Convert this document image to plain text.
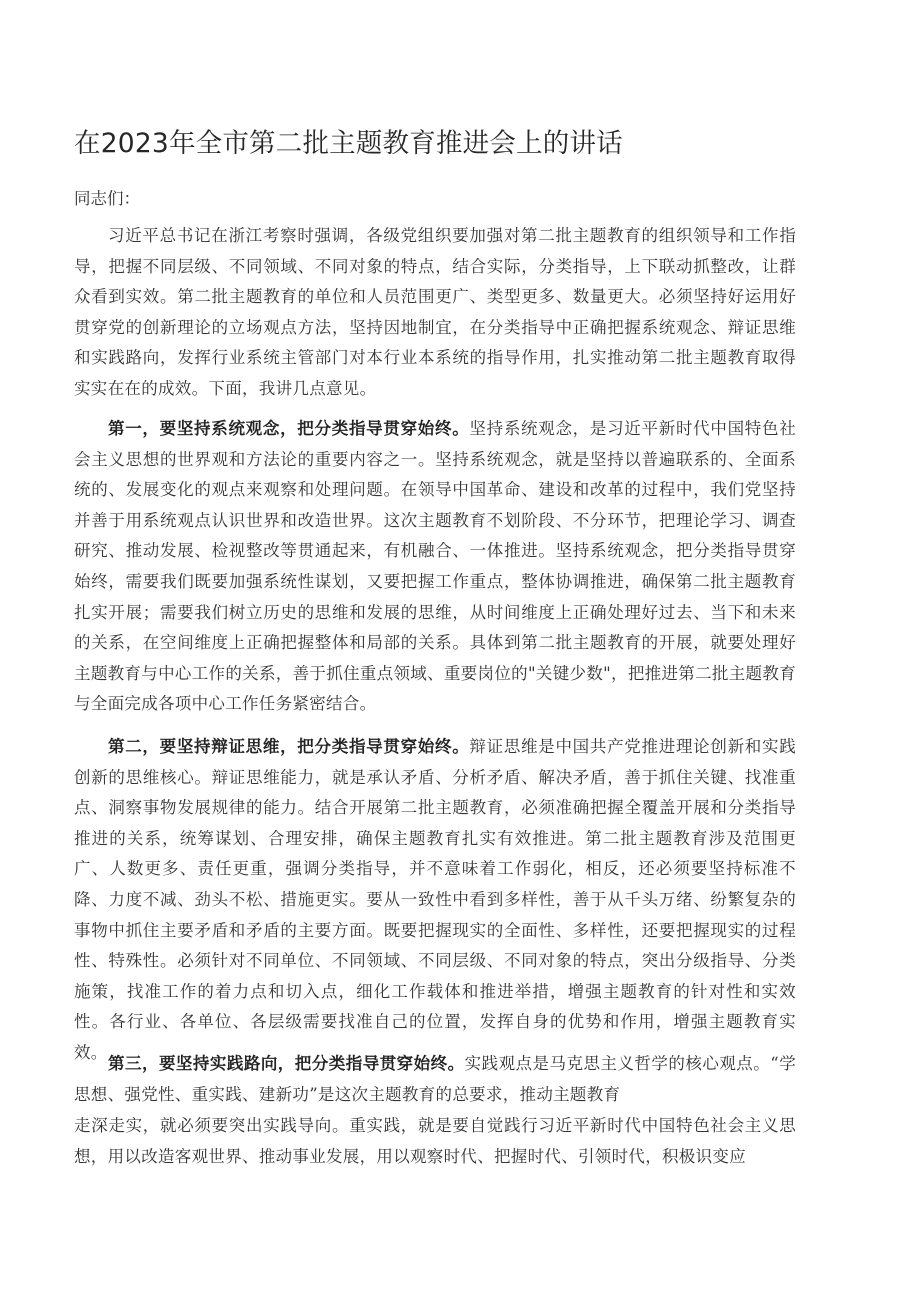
在2023年全市第二批主题教育推进会上的讲话
同志们：
习近平总书记在浙江考察时强调，各级党组织要加强对第二批主题教育的组织领导和工作指导，把握不同层级、不同领域、不同对象的特点，结合实际，分类指导，上下联动抓整改，让群众看到实效。第二批主题教育的单位和人员范围更广、类型更多、数量更大。必须坚持好运用好贯穿党的创新理论的立场观点方法，坚持因地制宜，在分类指导中正确把握系统观念、辩证思维和实践路向，发挥行业系统主管部门对本行业本系统的指导作用，扎实推动第二批主题教育取得实实在在的成效。下面，我讲几点意见。
第一，要坚持系统观念，把分类指导贯穿始终。坚持系统观念，是习近平新时代中国特色社会主义思想的世界观和方法论的重要内容之一。坚持系统观念，就是坚持以普遍联系的、全面系统的、发展变化的观点来观察和处理问题。在领导中国革命、建设和改革的过程中，我们党坚持并善于用系统观点认识世界和改造世界。这次主题教育不划阶段、不分环节，把理论学习、调查研究、推动发展、检视整改等贯通起来，有机融合、一体推进。坚持系统观念，把分类指导贯穿始终，需要我们既要加强系统性谋划，又要把握工作重点，整体协调推进，确保第二批主题教育扎实开展；需要我们树立历史的思维和发展的思维，从时间维度上正确处理好过去、当下和未来的关系，在空间维度上正确把握整体和局部的关系。具体到第二批主题教育的开展，就要处理好主题教育与中心工作的关系，善于抓住重点领域、重要岗位的"关键少数"，把推进第二批主题教育与全面完成各项中心工作任务紧密结合。
第二，要坚持辩证思维，把分类指导贯穿始终。辩证思维是中国共产党推进理论创新和实践创新的思维核心。辩证思维能力，就是承认矛盾、分析矛盾、解决矛盾，善于抓住关键、找准重点、洞察事物发展规律的能力。结合开展第二批主题教育，必须准确把握全覆盖开展和分类指导推进的关系，统筹谋划、合理安排，确保主题教育扎实有效推进。第二批主题教育涉及范围更广、人数更多、责任更重，强调分类指导，并不意味着工作弱化，相反，还必须要坚持标准不降、力度不减、劲头不松、措施更实。要从一致性中看到多样性，善于从千头万绪、纷繁复杂的事物中抓住主要矛盾和矛盾的主要方面。既要把握现实的全面性、多样性，还要把握现实的过程性、特殊性。必须针对不同单位、不同领域、不同层级、不同对象的特点，突出分级指导、分类施策，找准工作的着力点和切入点，细化工作载体和推进举措，增强主题教育的针对性和实效性。各行业、各单位、各层级需要找准自己的位置，发挥自身的优势和作用，增强主题教育实效。
第三，要坚持实践路向，把分类指导贯穿始终。实践观点是马克思主义哲学的核心观点。“学思想、强党性、重实践、建新功”是这次主题教育的总要求，推动主题教育
走深走实，就必须要突出实践导向。重实践，就是要自觉践行习近平新时代中国特色社会主义思想，用以改造客观世界、推动事业发展，用以观察时代、把握时代、引领时代，积极识变应
